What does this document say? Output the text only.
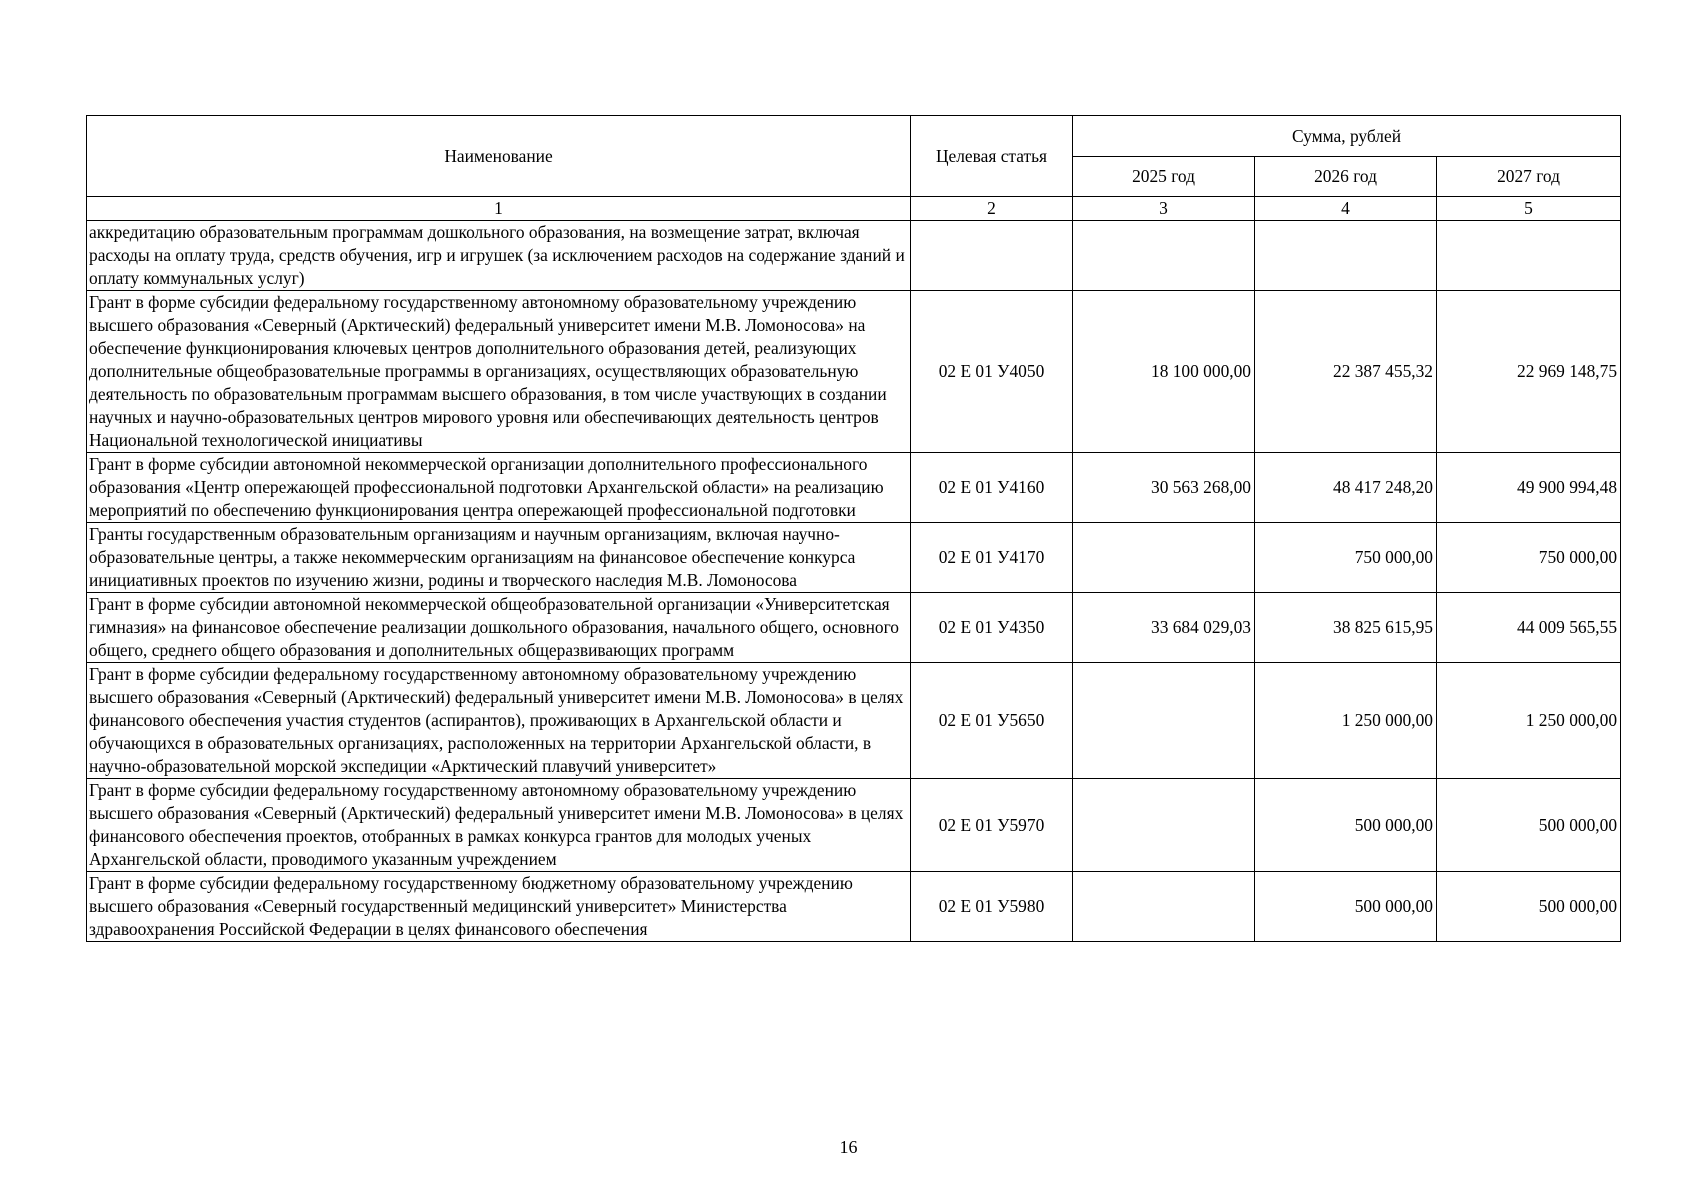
Наименование	Целевая статья	Сумма, рублей		
		2025 год	2026 год	2027 год
1	2	3	4	5
аккредитацию образовательным программам дошкольного образования, на возмещение затрат, включая расходы на оплату труда, средств обучения, игр и игрушек (за исключением расходов на содержание зданий и оплату коммунальных услуг)				
Грант в форме субсидии федеральному государственному автономному образовательному учреждению высшего образования «Северный (Арктический) федеральный университет имени М.В. Ломоносова» на обеспечение функционирования ключевых центров дополнительного образования детей, реализующих дополнительные общеобразовательные программы в организациях, осуществляющих образовательную деятельность по образовательным программам высшего образования, в том числе участвующих в создании научных и научно-образовательных центров мирового уровня или обеспечивающих деятельность центров Национальной технологической инициативы	02 Е 01 У4050	18 100 000,00	22 387 455,32	22 969 148,75
Грант в форме субсидии автономной некоммерческой организации дополнительного профессионального образования «Центр опережающей профессиональной подготовки Архангельской области» на реализацию мероприятий по обеспечению функционирования центра опережающей профессиональной подготовки	02 Е 01 У4160	30 563 268,00	48 417 248,20	49 900 994,48
Гранты государственным образовательным организациям и научным организациям, включая научно-образовательные центры, а также некоммерческим организациям на финансовое обеспечение конкурса инициативных проектов по изучению жизни, родины и творческого наследия М.В. Ломоносова	02 Е 01 У4170		750 000,00	750 000,00
Грант в форме субсидии автономной некоммерческой общеобразовательной организации «Университетская гимназия» на финансовое обеспечение реализации дошкольного образования, начального общего, основного общего, среднего общего образования и дополнительных общеразвивающих программ	02 Е 01 У4350	33 684 029,03	38 825 615,95	44 009 565,55
Грант в форме субсидии федеральному государственному автономному образовательному учреждению высшего образования «Северный (Арктический) федеральный университет имени М.В. Ломоносова» в целях финансового обеспечения участия студентов (аспирантов), проживающих в Архангельской области и обучающихся в образовательных организациях, расположенных на территории Архангельской области, в научно-образовательной морской экспедиции «Арктический плавучий университет»	02 Е 01 У5650		1 250 000,00	1 250 000,00
Грант в форме субсидии федеральному государственному автономному образовательному учреждению высшего образования «Северный (Арктический) федеральный университет имени М.В. Ломоносова» в целях финансового обеспечения проектов, отобранных в рамках конкурса грантов для молодых ученых Архангельской области, проводимого указанным учреждением	02 Е 01 У5970		500 000,00	500 000,00
Грант в форме субсидии федеральному государственному бюджетному образовательному учреждению высшего образования «Северный государственный медицинский университет» Министерства здравоохранения Российской Федерации в целях финансового обеспечения	02 Е 01 У5980		500 000,00	500 000,00
16
